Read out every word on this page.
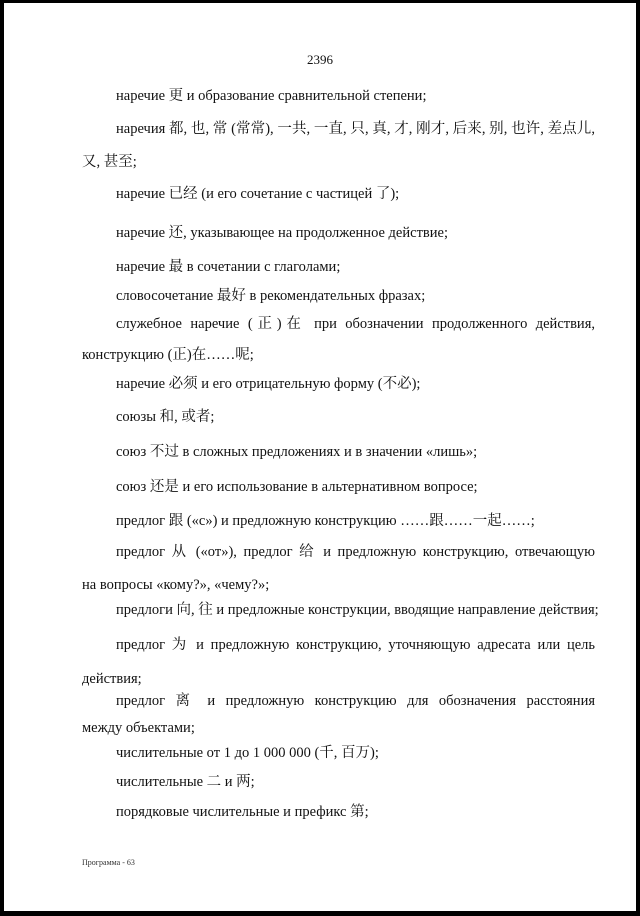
2396
наречие 更 и образование сравнительной степени;
наречия 都, 也, 常 (常常), 一共, 一直, 只, 真, 才, 刚才, 后来, 别, 也许, 差点儿,
又, 甚至;
наречие 已经 (и его сочетание с частицей 了);
наречие 还, указывающее на продолженное действие;
наречие 最 в сочетании с глаголами;
словосочетание 最好 в рекомендательных фразах;
служебное наречие (正)在 при обозначении продолженного действия,
конструкцию (正)在……呢;
наречие 必须 и его отрицательную форму (不必);
союзы 和, 或者;
союз 不过 в сложных предложениях и в значении «лишь»;
союз 还是 и его использование в альтернативном вопросе;
предлог 跟 («с») и предложную конструкцию ……跟……一起……;
предлог 从 («от»), предлог 给 и предложную конструкцию, отвечающую
на вопросы «кому?», «чему?»;
предлоги 向, 往 и предложные конструкции, вводящие направление действия;
предлог 为 и предложную конструкцию, уточняющую адресата или цель
действия;
предлог 离 и предложную конструкцию для обозначения расстояния
между объектами;
числительные от 1 до 1 000 000 (千, 百万);
числительные 二 и 两;
порядковые числительные и префикс 第;
Программа - 63
